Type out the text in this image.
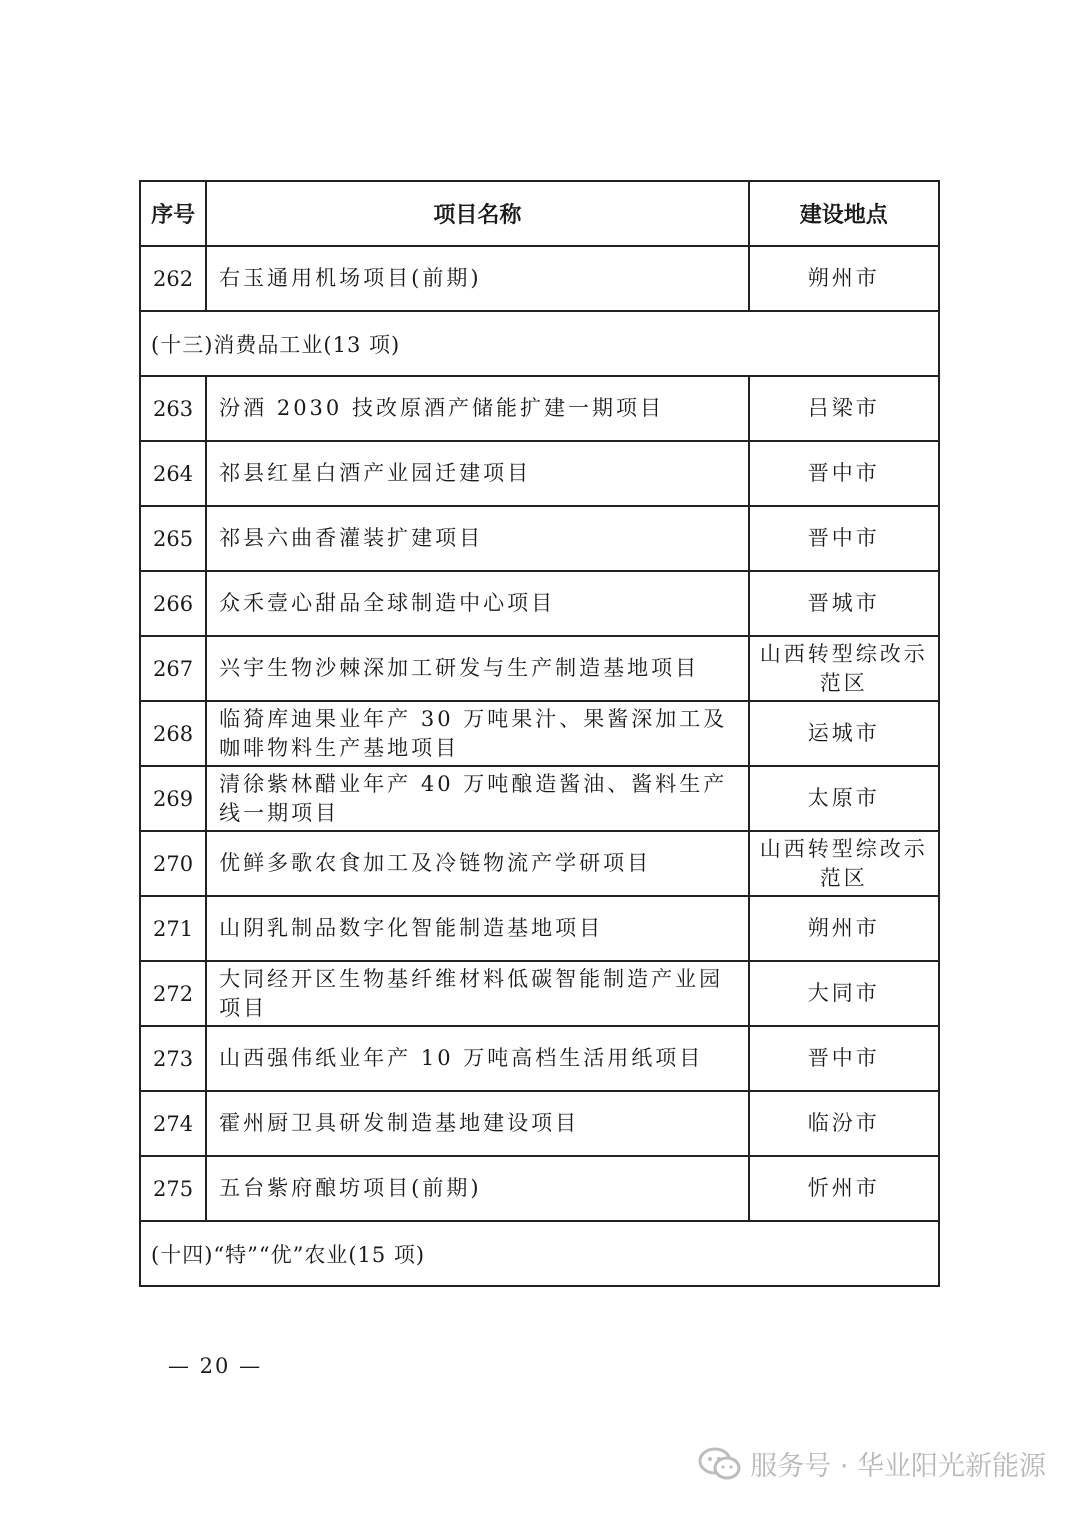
序号	项目名称	建设地点
262	右玉通用机场项目(前期)	朔州市
(十三)消费品工业(13 项)		
263	汾酒 2030 技改原酒产储能扩建一期项目	吕梁市
264	祁县红星白酒产业园迁建项目	晋中市
265	祁县六曲香灌装扩建项目	晋中市
266	众禾壹心甜品全球制造中心项目	晋城市
267	兴宇生物沙棘深加工研发与生产制造基地项目	山西转型综改示范区
268	临猗库迪果业年产 30 万吨果汁、果酱深加工及咖啡物料生产基地项目	运城市
269	清徐紫林醋业年产 40 万吨酿造酱油、酱料生产线一期项目	太原市
270	优鲜多歌农食加工及冷链物流产学研项目	山西转型综改示范区
271	山阴乳制品数字化智能制造基地项目	朔州市
272	大同经开区生物基纤维材料低碳智能制造产业园项目	大同市
273	山西强伟纸业年产 10 万吨高档生活用纸项目	晋中市
274	霍州厨卫具研发制造基地建设项目	临汾市
275	五台紫府酿坊项目(前期)	忻州市
(十四)“特”“优”农业(15 项)		
— 20 —
服务号 · 华业阳光新能源
